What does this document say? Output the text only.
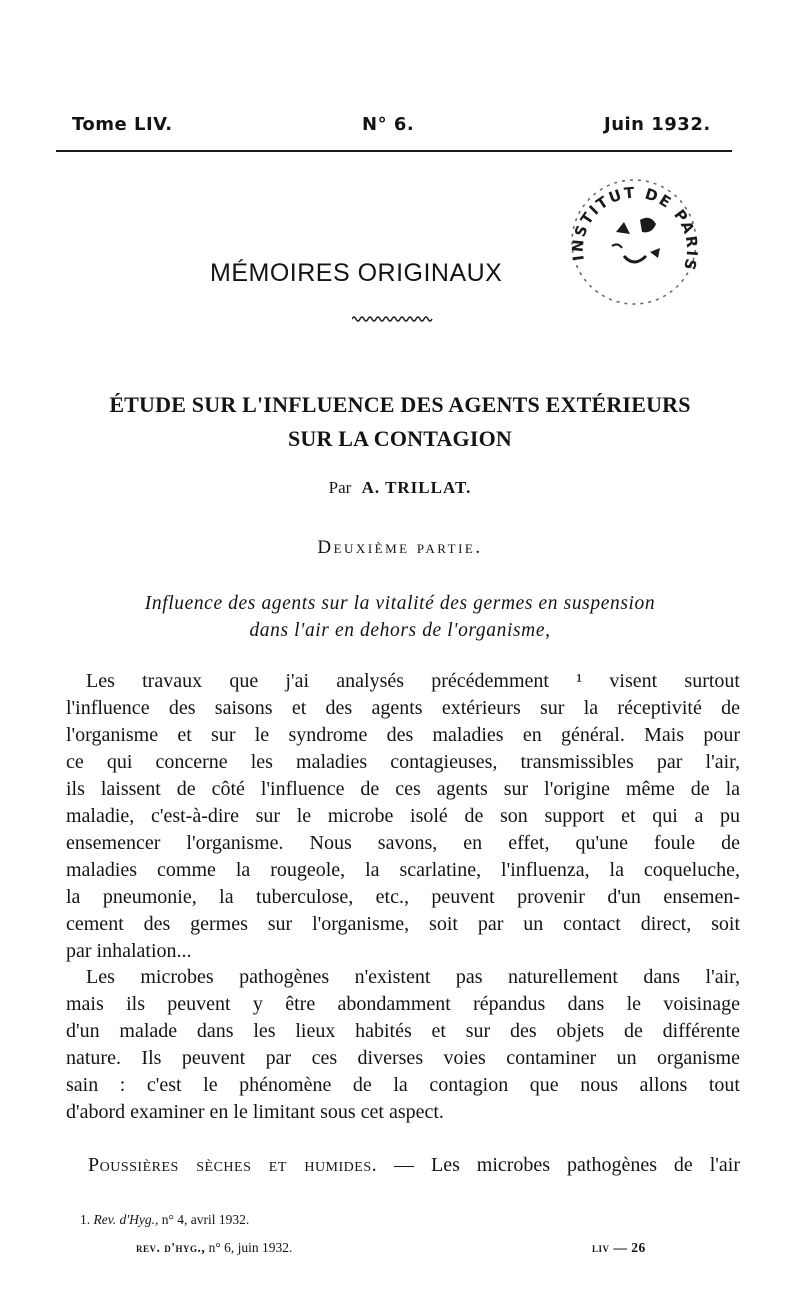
Tome LIV.	N° 6.	Juin 1932.
INSTITUT DE PARIS
MÉMOIRES ORIGINAUX
ÉTUDE SUR L'INFLUENCE DES AGENTS EXTÉRIEURS
SUR LA CONTAGION
Par A. TRILLAT.
Deuxième partie.
Influence des agents sur la vitalité des germes en suspension
dans l'air en dehors de l'organisme,
Les travaux que j'ai analysés précédemment ¹ visent surtout
l'influence des saisons et des agents extérieurs sur la réceptivité de
l'organisme et sur le syndrome des maladies en général. Mais pour
ce qui concerne les maladies contagieuses, transmissibles par l'air,
ils laissent de côté l'influence de ces agents sur l'origine même de la
maladie, c'est-à-dire sur le microbe isolé de son support et qui a pu
ensemencer l'organisme. Nous savons, en effet, qu'une foule de
maladies comme la rougeole, la scarlatine, l'influenza, la coqueluche,
la pneumonie, la tuberculose, etc., peuvent provenir d'un ensemen-
cement des germes sur l'organisme, soit par un contact direct, soit
par inhalation...
Les microbes pathogènes n'existent pas naturellement dans l'air,
mais ils peuvent y être abondamment répandus dans le voisinage
d'un malade dans les lieux habités et sur des objets de différente
nature. Ils peuvent par ces diverses voies contaminer un organisme
sain : c'est le phénomène de la contagion que nous allons tout
d'abord examiner en le limitant sous cet aspect.
Poussières sèches et humides. — Les microbes pathogènes de l'air
1. Rev. d'Hyg., n° 4, avril 1932.
rev. d'hyg., n° 6, juin 1932.	liv — 26
